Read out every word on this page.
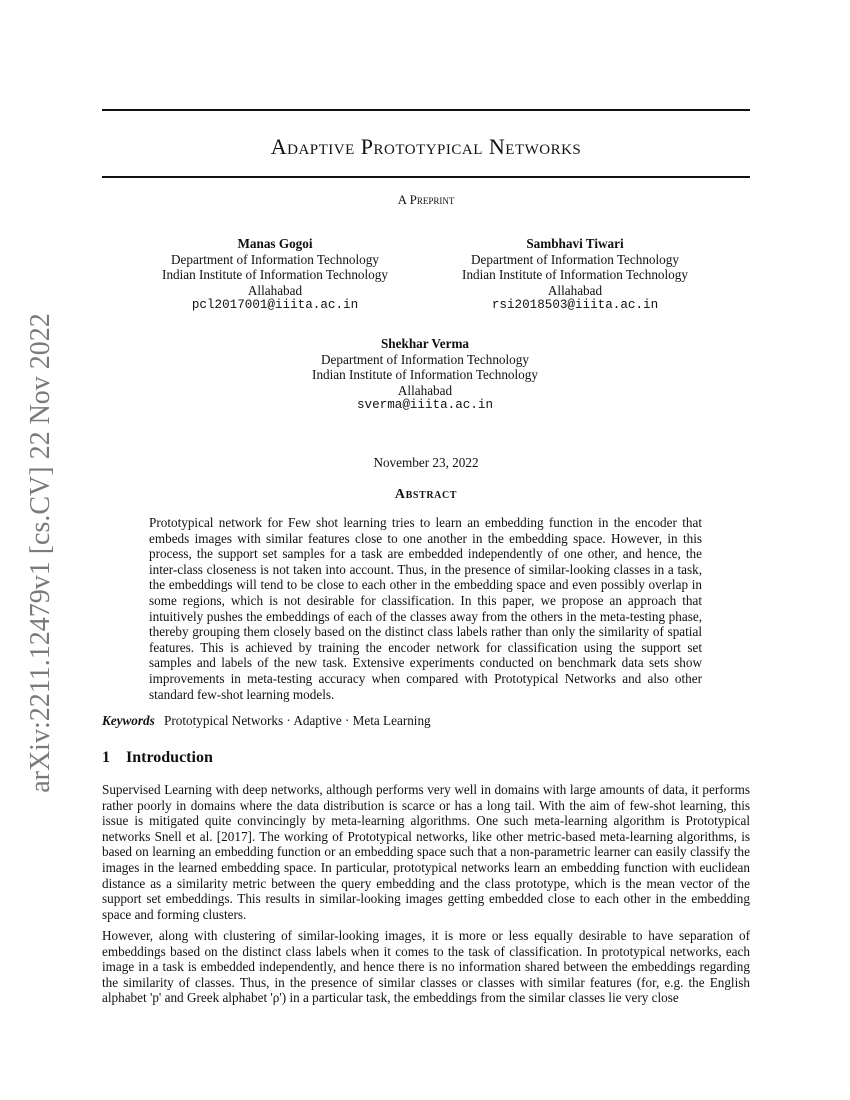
arXiv:2211.12479v1 [cs.CV] 22 Nov 2022
Adaptive Prototypical Networks
A Preprint
Manas Gogoi
Department of Information Technology
Indian Institute of Information Technology
Allahabad
pcl2017001@iiita.ac.in
Sambhavi Tiwari
Department of Information Technology
Indian Institute of Information Technology
Allahabad
rsi2018503@iiita.ac.in
Shekhar Verma
Department of Information Technology
Indian Institute of Information Technology
Allahabad
sverma@iiita.ac.in
November 23, 2022
Abstract
Prototypical network for Few shot learning tries to learn an embedding function in the encoder that embeds images with similar features close to one another in the embedding space. However, in this process, the support set samples for a task are embedded independently of one other, and hence, the inter-class closeness is not taken into account. Thus, in the presence of similar-looking classes in a task, the embeddings will tend to be close to each other in the embedding space and even possibly overlap in some regions, which is not desirable for classification. In this paper, we propose an approach that intuitively pushes the embeddings of each of the classes away from the others in the meta-testing phase, thereby grouping them closely based on the distinct class labels rather than only the similarity of spatial features. This is achieved by training the encoder network for classification using the support set samples and labels of the new task. Extensive experiments conducted on benchmark data sets show improvements in meta-testing accuracy when compared with Prototypical Networks and also other standard few-shot learning models.
Keywords Prototypical Networks · Adaptive · Meta Learning
1 Introduction
Supervised Learning with deep networks, although performs very well in domains with large amounts of data, it performs rather poorly in domains where the data distribution is scarce or has a long tail. With the aim of few-shot learning, this issue is mitigated quite convincingly by meta-learning algorithms. One such meta-learning algorithm is Prototypical networks Snell et al. [2017]. The working of Prototypical networks, like other metric-based meta-learning algorithms, is based on learning an embedding function or an embedding space such that a non-parametric learner can easily classify the images in the learned embedding space. In particular, prototypical networks learn an embedding function with euclidean distance as a similarity metric between the query embedding and the class prototype, which is the mean vector of the support set embeddings. This results in similar-looking images getting embedded close to each other in the embedding space and forming clusters.
However, along with clustering of similar-looking images, it is more or less equally desirable to have separation of embeddings based on the distinct class labels when it comes to the task of classification. In prototypical networks, each image in a task is embedded independently, and hence there is no information shared between the embeddings regarding the similarity of classes. Thus, in the presence of similar classes or classes with similar features (for, e.g. the English alphabet 'p' and Greek alphabet 'ρ') in a particular task, the embeddings from the similar classes lie very close
